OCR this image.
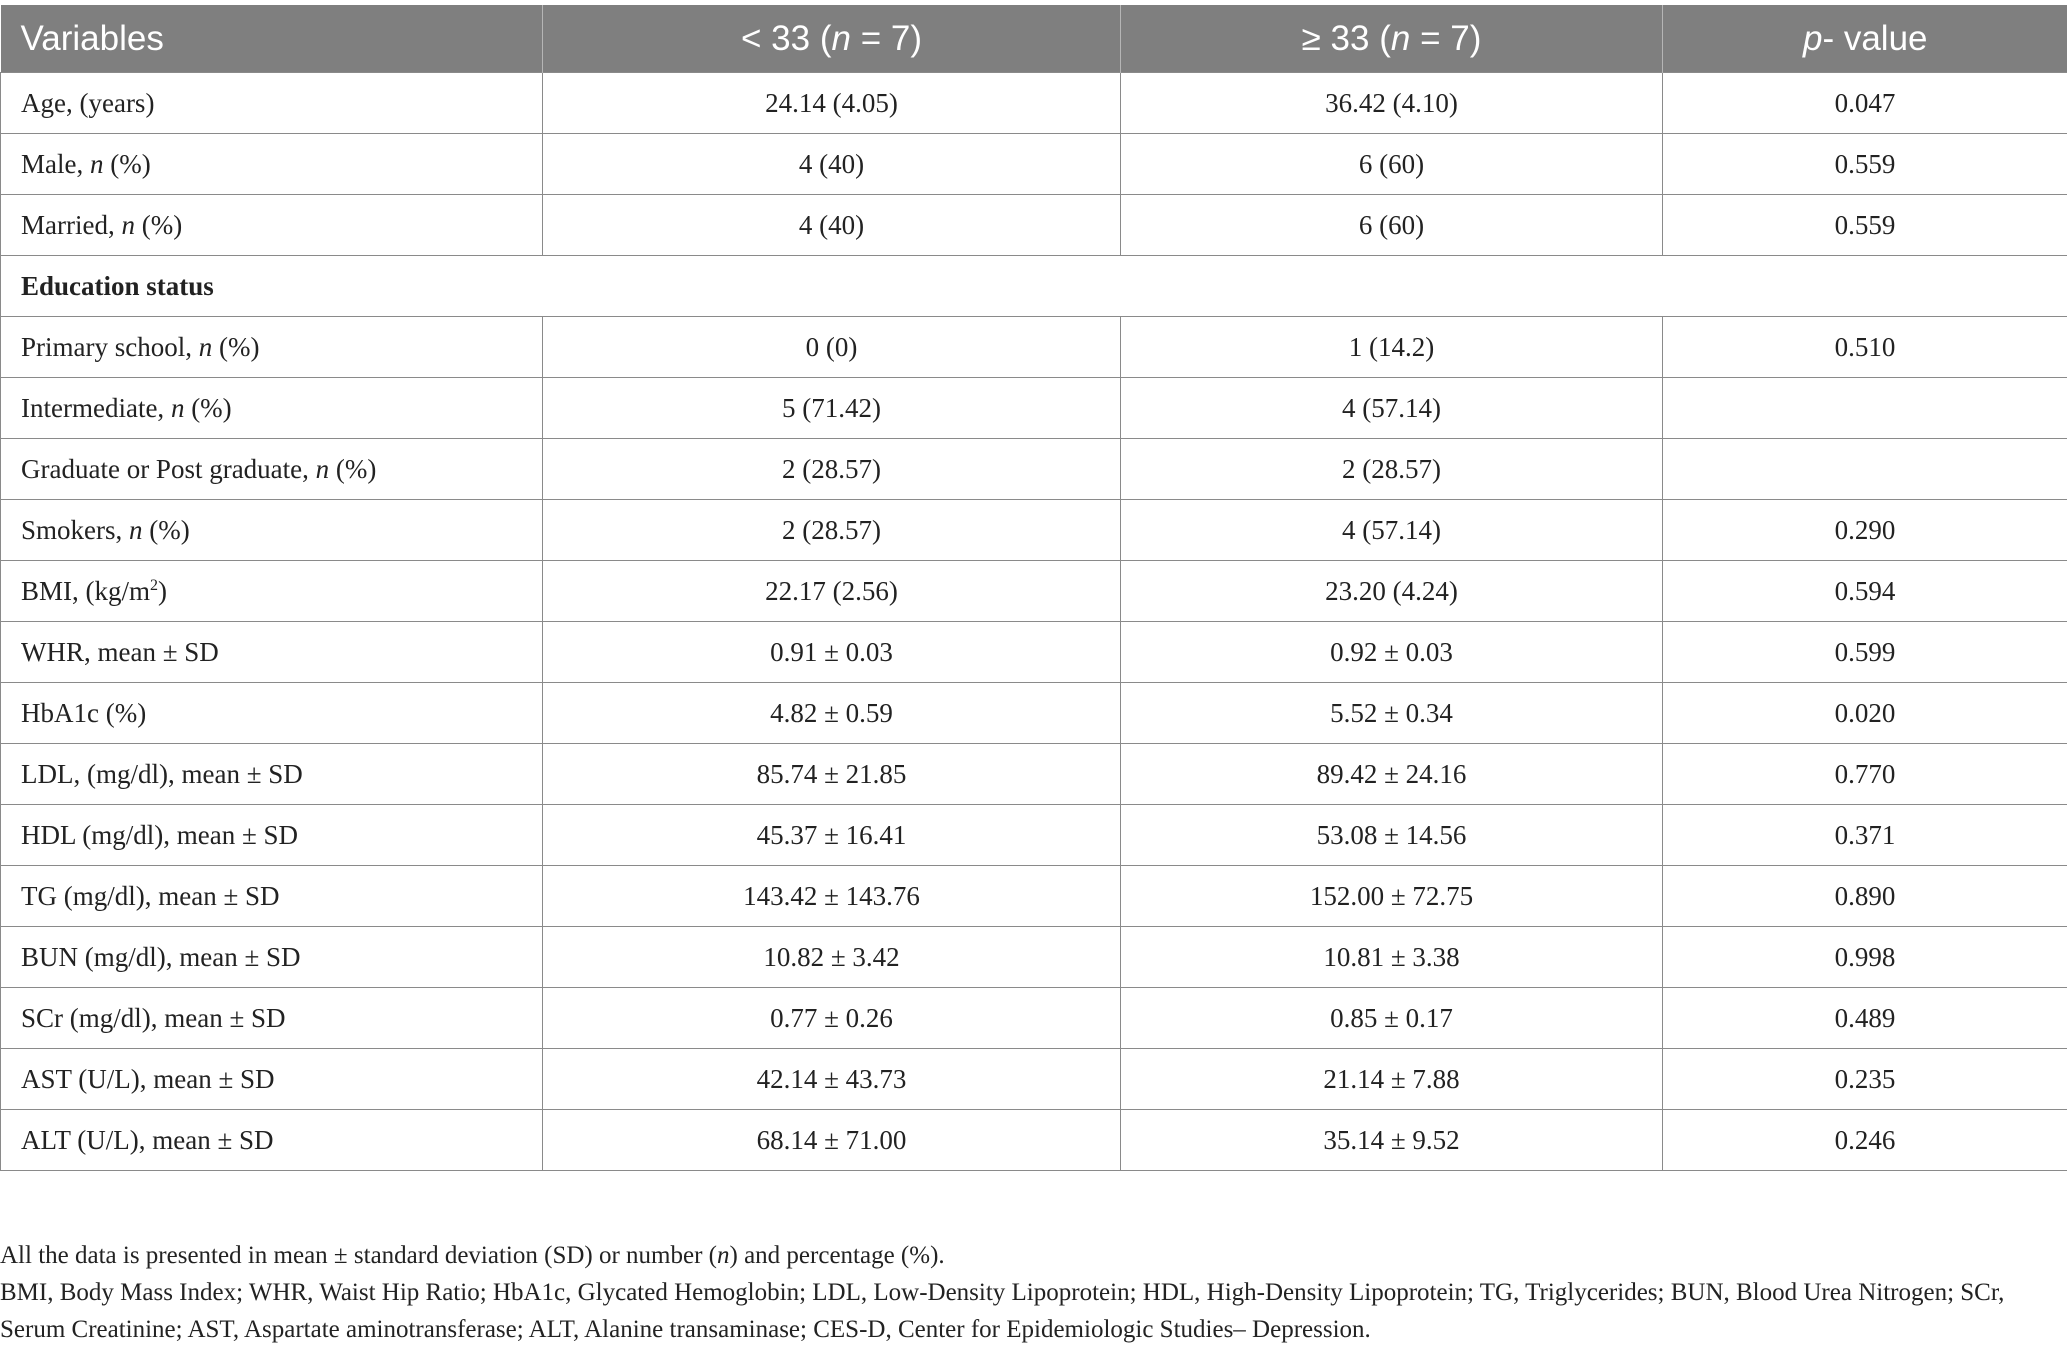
Variables	< 33 (n = 7)	≥ 33 (n = 7)	p- value
Age, (years)	24.14 (4.05)	36.42 (4.10)	0.047
Male, n (%)	4 (40)	6 (60)	0.559
Married, n (%)	4 (40)	6 (60)	0.559
Education status			
Primary school, n (%)	0 (0)	1 (14.2)	0.510
Intermediate, n (%)	5 (71.42)	4 (57.14)	
Graduate or Post graduate, n (%)	2 (28.57)	2 (28.57)	
Smokers, n (%)	2 (28.57)	4 (57.14)	0.290
BMI, $(kg/m^2)$	22.17 (2.56)	23.20 (4.24)	0.594
WHR, mean ± SD	0.91 ± 0.03	0.92 ± 0.03	0.599
HbA1c (%)	4.82 ± 0.59	5.52 ± 0.34	0.020
LDL, (mg/dl), mean ± SD	85.74 ± 21.85	89.42 ± 24.16	0.770
HDL (mg/dl), mean ± SD	45.37 ± 16.41	53.08 ± 14.56	0.371
TG (mg/dl), mean ± SD	143.42 ± 143.76	152.00 ± 72.75	0.890
BUN (mg/dl), mean ± SD	10.82 ± 3.42	10.81 ± 3.38	0.998
SCr (mg/dl), mean ± SD	0.77 ± 0.26	0.85 ± 0.17	0.489
AST (U/L), mean ± SD	42.14 ± 43.73	21.14 ± 7.88	0.235
ALT (U/L), mean ± SD	68.14 ± 71.00	35.14 ± 9.52	0.246

All the data is presented in mean ± standard deviation (SD) or number (n) and percentage (%).

BMI, Body Mass Index; WHR, Waist Hip Ratio; HbA1c, Glycated Hemoglobin; LDL, Low-Density Lipoprotein; HDL, High-Density Lipoprotein; TG, Triglycerides; BUN, Blood Urea Nitrogen; SCr, Serum Creatinine; AST, Aspartate aminotransferase; ALT, Alanine transaminase; CES-D, Center for Epidemiologic Studies– Depression.
